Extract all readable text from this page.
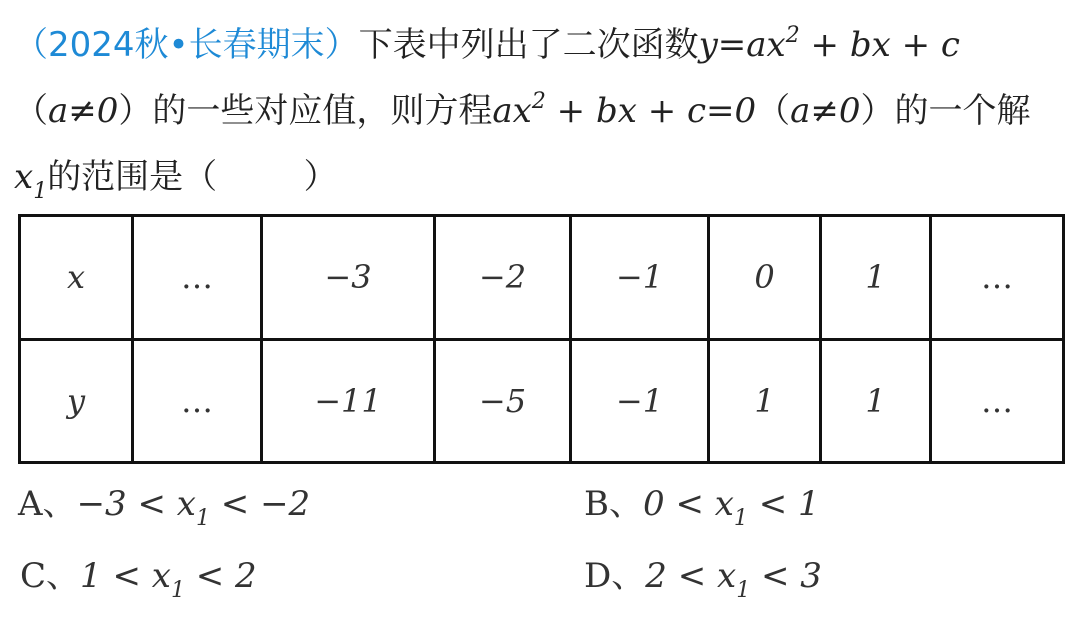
（2024秋•长春期末）下表中列出了二次函数$y=ax^2$ + bx + c（a≠0）的一些对应值，则方程$ax^2$ + bx + c=0（a≠0）的一个解$x_1$的范围是（	）
x	…	−3	−2	−1	0	1	…
y	…	−11	−5	−1	1	1	…
A、$-3 < x_1 < -2$	B、$0 < x_1 < 1$
C、$1 < x_1 < 2$	D、$2 < x_1 < 3$
